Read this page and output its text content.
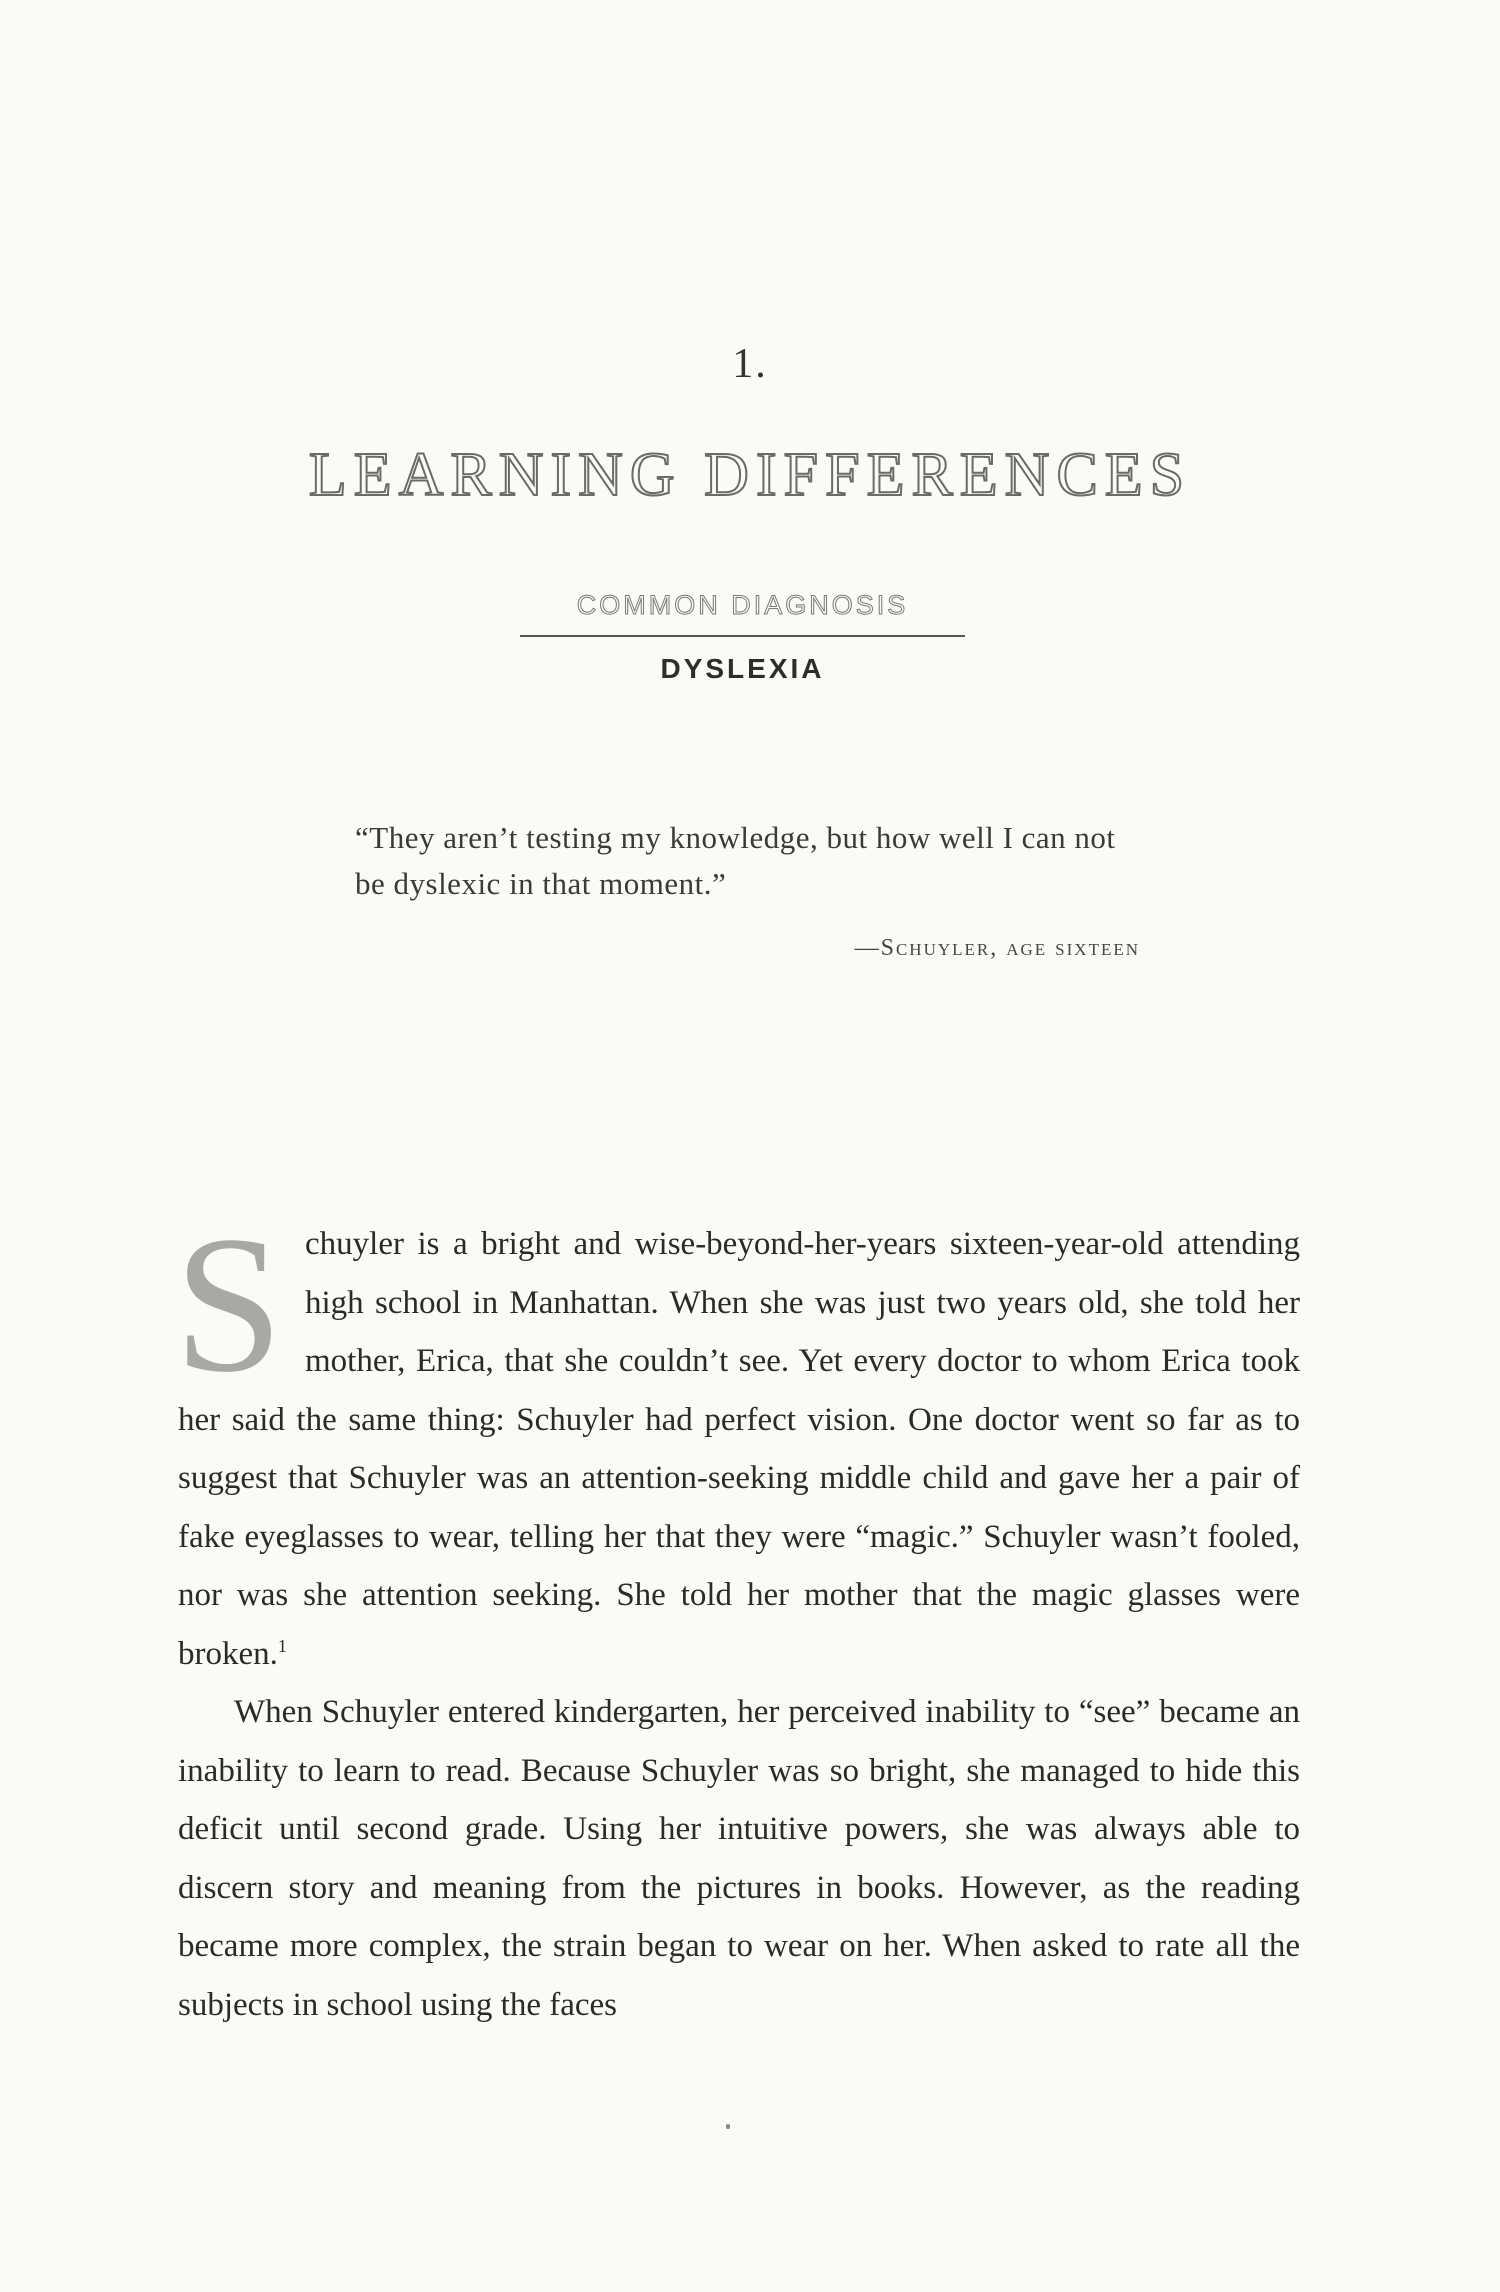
1.
LEARNING DIFFERENCES
COMMON DIAGNOSIS
DYSLEXIA
“They aren’t testing my knowledge, but how well I can not be dyslexic in that moment.”
—Schuyler, age sixteen

Schuyler is a bright and wise-beyond-her-years sixteen-year-old attending high school in Manhattan. When she was just two years old, she told her mother, Erica, that she couldn’t see. Yet every doctor to whom Erica took her said the same thing: Schuyler had perfect vision. One doctor went so far as to suggest that Schuyler was an attention-seeking middle child and gave her a pair of fake eyeglasses to wear, telling her that they were “magic.” Schuyler wasn’t fooled, nor was she attention seeking. She told her mother that the magic glasses were broken.$^1$

When Schuyler entered kindergarten, her perceived inability to “see” became an inability to learn to read. Because Schuyler was so bright, she managed to hide this deficit until second grade. Using her intuitive powers, she was always able to discern story and meaning from the pictures in books. However, as the reading became more complex, the strain began to wear on her. When asked to rate all the subjects in school using the faces
